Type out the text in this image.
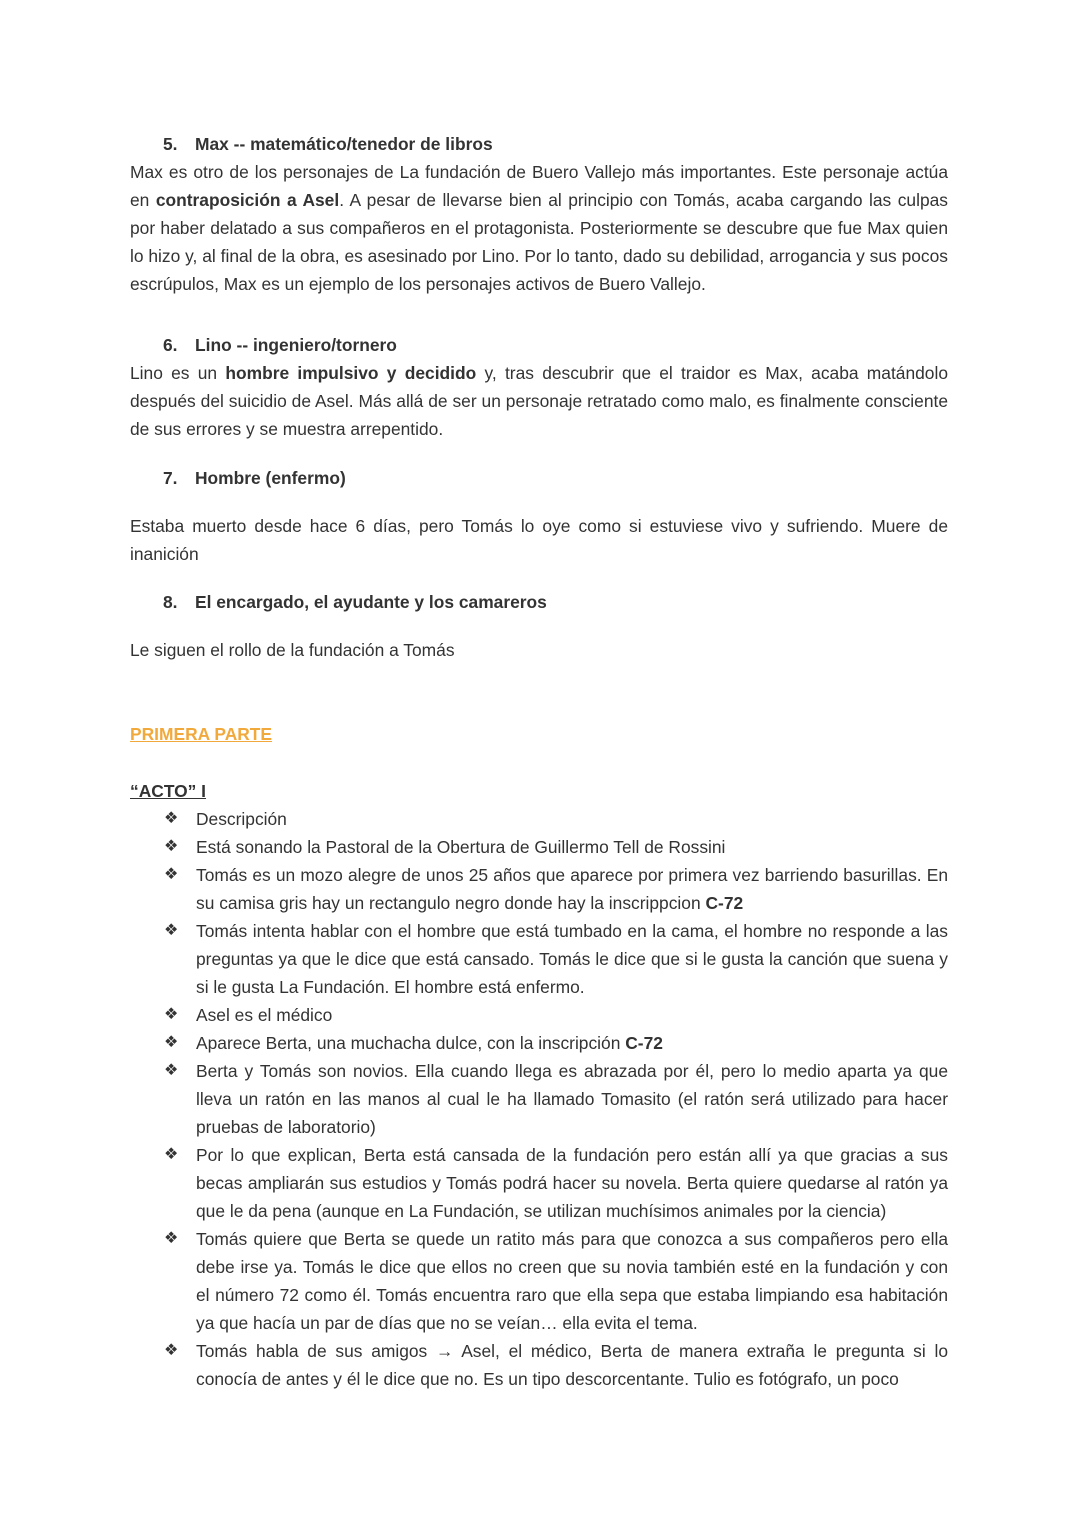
5. Max -- matemático/tenedor de libros

Max es otro de los personajes de La fundación de Buero Vallejo más importantes. Este personaje actúa en contraposición a Asel. A pesar de llevarse bien al principio con Tomás, acaba cargando las culpas por haber delatado a sus compañeros en el protagonista. Posteriormente se descubre que fue Max quien lo hizo y, al final de la obra, es asesinado por Lino. Por lo tanto, dado su debilidad, arrogancia y sus pocos escrúpulos, Max es un ejemplo de los personajes activos de Buero Vallejo.

6. Lino -- ingeniero/tornero

Lino es un hombre impulsivo y decidido y, tras descubrir que el traidor es Max, acaba matándolo después del suicidio de Asel. Más allá de ser un personaje retratado como malo, es finalmente consciente de sus errores y se muestra arrepentido.

7. Hombre (enfermo)

Estaba muerto desde hace 6 días, pero Tomás lo oye como si estuviese vivo y sufriendo. Muere de inanición

8. El encargado, el ayudante y los camareros

Le siguen el rollo de la fundación a Tomás

PRIMERA PARTE
“ACTO” I
❖ Descripción
❖ Está sonando la Pastoral de la Obertura de Guillermo Tell de Rossini
❖ Tomás es un mozo alegre de unos 25 años que aparece por primera vez barriendo basurillas. En su camisa gris hay un rectangulo negro donde hay la inscrippcion C-72
❖ Tomás intenta hablar con el hombre que está tumbado en la cama, el hombre no responde a las preguntas ya que le dice que está cansado. Tomás le dice que si le gusta la canción que suena y si le gusta La Fundación. El hombre está enfermo.
❖ Asel es el médico
❖ Aparece Berta, una muchacha dulce, con la inscripción C-72
❖ Berta y Tomás son novios. Ella cuando llega es abrazada por él, pero lo medio aparta ya que lleva un ratón en las manos al cual le ha llamado Tomasito (el ratón será utilizado para hacer pruebas de laboratorio)
❖ Por lo que explican, Berta está cansada de la fundación pero están allí ya que gracias a sus becas ampliarán sus estudios y Tomás podrá hacer su novela. Berta quiere quedarse al ratón ya que le da pena (aunque en La Fundación, se utilizan muchísimos animales por la ciencia)
❖ Tomás quiere que Berta se quede un ratito más para que conozca a sus compañeros pero ella debe irse ya. Tomás le dice que ellos no creen que su novia también esté en la fundación y con el número 72 como él. Tomás encuentra raro que ella sepa que estaba limpiando esa habitación ya que hacía un par de días que no se veían… ella evita el tema.
❖ Tomás habla de sus amigos → Asel, el médico, Berta de manera extraña le pregunta si lo conocía de antes y él le dice que no. Es un tipo descorcentante. Tulio es fotógrafo, un poco
